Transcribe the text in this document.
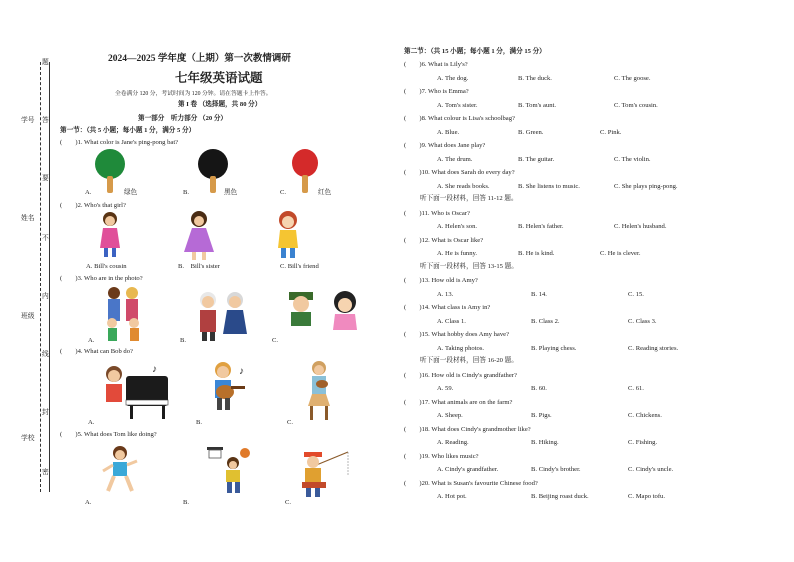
学号
姓名
班级
学校
题
答
要
不
内
线
封
密
2024—2025 学年度（上期）第一次教情调研
七年级英语试题
全卷满分 120 分，考试时间为 120 分钟。请在答题卡上作答。
第 I 卷 （选择题，共 80 分）
第一部分　听力部分 （20 分）
第一节：（共 5 小题；每小题 1 分，满分 5 分）
(　　)1. What color is Jane's ping-pong bat?
A.	绿色	B.	黑色	C.	红色
(　　)2. Who's that girl?
A. Bill's cousin	B.　 Bill's sister	C. Bill's friend
(　　)3. Who are in the photo?
A.	B.	C.
(　　)4. What can Bob do?
♪
A.
♪
B.	C.
(　　)5. What does Tom like doing?
A.	B.	C.
第二节：（共 15 小题；每小题 1 分，满分 15 分）
(　　)6. What is Lily's?
A. The dog.	B. The duck.	C. The goose.
(　　)7. Who is Emma?
A. Tom's sister.	B. Tom's aunt.	C. Tom's cousin.
(　　)8. What colour is Lisa's schoolbag?
A. Blue.	B. Green.	C. Pink.
(　　)9. What does Jane play?
A. The drum.	B. The guitar.	C. The violin.
(　　)10. What does Sarah do every day?
A. She reads books.	B. She listens to music.	C. She plays ping-pong.
听下面一段材料，回答 11-12 题。
(　　)11. Who is Oscar?
A. Helen's son.	B. Helen's father.	C. Helen's husband.
(　　)12. What is Oscar like?
A. He is funny.	B. He is kind.	C. He is clever.
听下面一段材料，回答 13-15 题。
(　　)13. How old is Amy?
A. 13.	B. 14.	C. 15.
(　　)14. What class is Amy in?
A. Class 1.	B. Class 2.	C. Class 3.
(　　)15. What hobby does Amy have?
A. Taking photos.	B. Playing chess.	C. Reading stories.
听下面一段材料，回答 16-20 题。
(　　)16. How old is Cindy's grandfather?
A. 59.	B. 60.	C. 61.
(　　)17. What animals are on the farm?
A. Sheep.	B. Pigs.	C. Chickens.
(　　)18. What does Cindy's grandmother like?
A. Reading.	B. Hiking.	C. Fishing.
(　　)19. Who likes music?
A. Cindy's grandfather.	B. Cindy's brother.	C. Cindy's uncle.
(　　)20. What is Susan's favourite Chinese food?
A. Hot pot.	B. Beijing roast duck.	C. Mapo tofu.
